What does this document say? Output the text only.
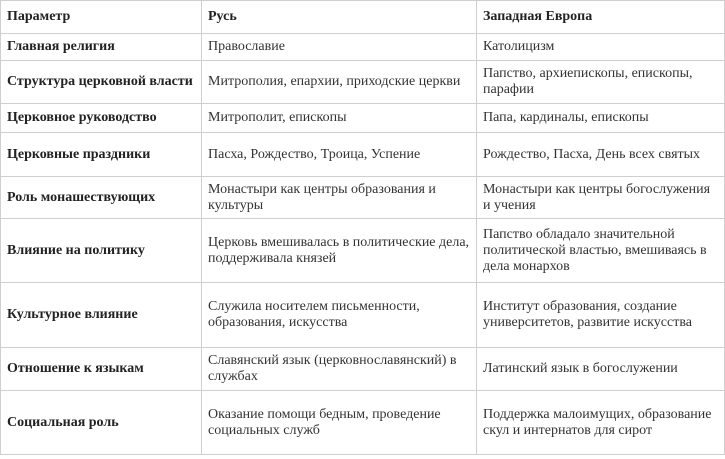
Параметр	Русь	Западная Европа
Главная религия	Православие	Католицизм
Структура церковной власти	Митрополия, епархии, приходские церкви	Папство, архиепископы, епископы, парафии
Церковное руководство	Митрополит, епископы	Папа, кардиналы, епископы
Церковные праздники	Пасха, Рождество, Троица, Успение	Рождество, Пасха, День всех святых
Роль монашествующих	Монастыри как центры образования и культуры	Монастыри как центры богослужения и учения
Влияние на политику	Церковь вмешивалась в политические дела, поддерживала князей	Папство обладало значительной политической властью, вмешиваясь в дела монархов
Культурное влияние	Служила носителем письменности, образования, искусства	Институт образования, создание университетов, развитие искусства
Отношение к языкам	Славянский язык (церковнославянский) в службах	Латинский язык в богослужении
Социальная роль	Оказание помощи бедным, проведение социальных служб	Поддержка малоимущих, образование скул и интернатов для сирот
